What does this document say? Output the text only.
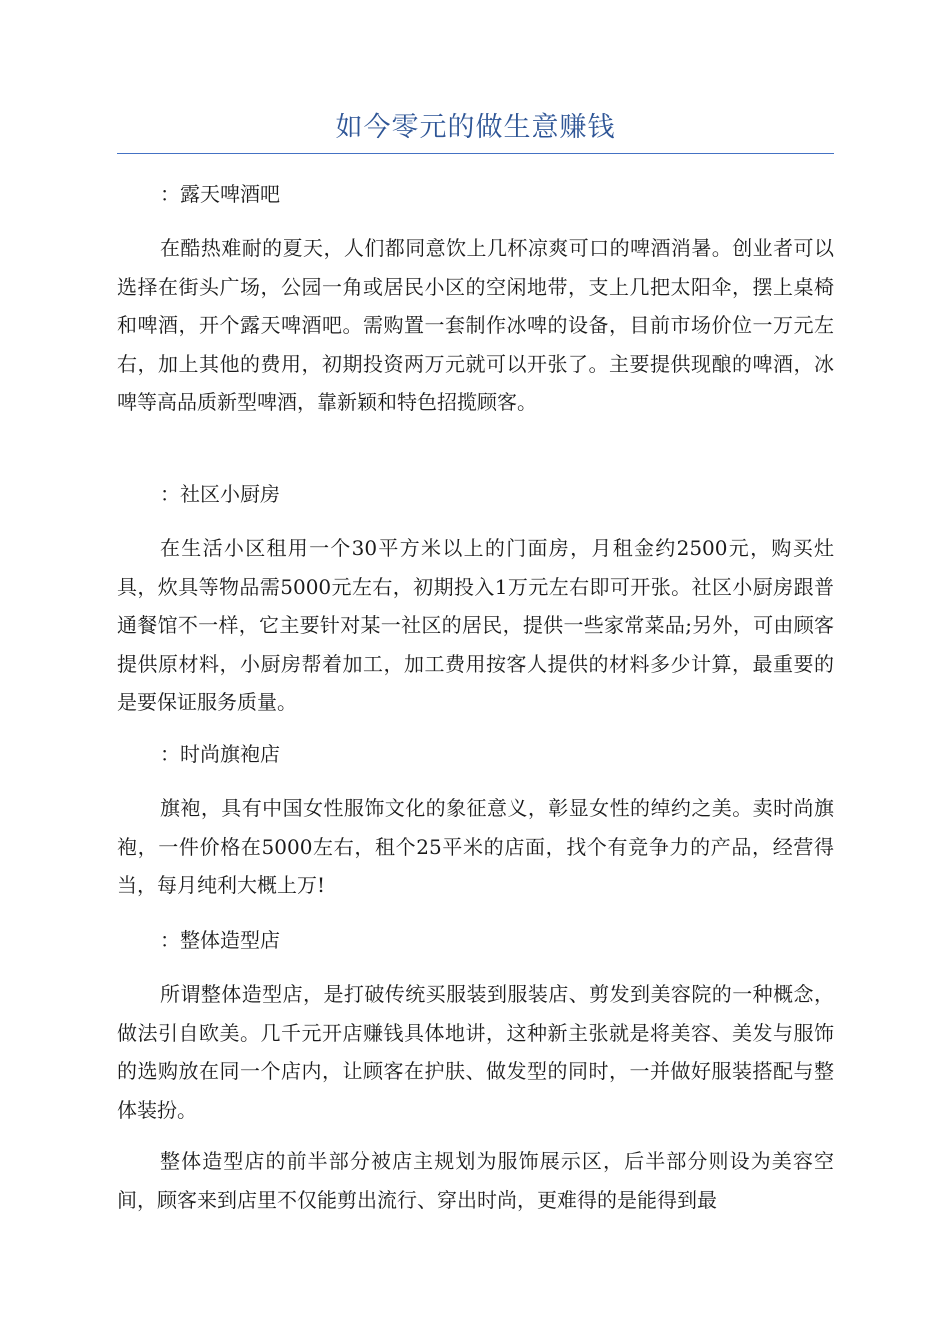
如今零元的做生意赚钱
：露天啤酒吧

在酷热难耐的夏天，人们都同意饮上几杯凉爽可口的啤酒消暑。创业者可以选择在街头广场，公园一角或居民小区的空闲地带，支上几把太阳伞，摆上桌椅和啤酒，开个露天啤酒吧。需购置一套制作冰啤的设备，目前市场价位一万元左右，加上其他的费用，初期投资两万元就可以开张了。主要提供现酿的啤酒，冰啤等高品质新型啤酒，靠新颖和特色招揽顾客。

：社区小厨房

在生活小区租用一个30平方米以上的门面房，月租金约2500元，购买灶具，炊具等物品需5000元左右，初期投入1万元左右即可开张。社区小厨房跟普通餐馆不一样，它主要针对某一社区的居民，提供一些家常菜品;另外，可由顾客提供原材料，小厨房帮着加工，加工费用按客人提供的材料多少计算，最重要的是要保证服务质量。

：时尚旗袍店

旗袍，具有中国女性服饰文化的象征意义，彰显女性的绰约之美。卖时尚旗袍，一件价格在5000左右，租个25平米的店面，找个有竞争力的产品，经营得当，每月纯利大概上万!

：整体造型店

所谓整体造型店，是打破传统买服装到服装店、剪发到美容院的一种概念，做法引自欧美。几千元开店赚钱具体地讲，这种新主张就是将美容、美发与服饰的选购放在同一个店内，让顾客在护肤、做发型的同时，一并做好服装搭配与整体装扮。

整体造型店的前半部分被店主规划为服饰展示区，后半部分则设为美容空间，顾客来到店里不仅能剪出流行、穿出时尚，更难得的是能得到最
